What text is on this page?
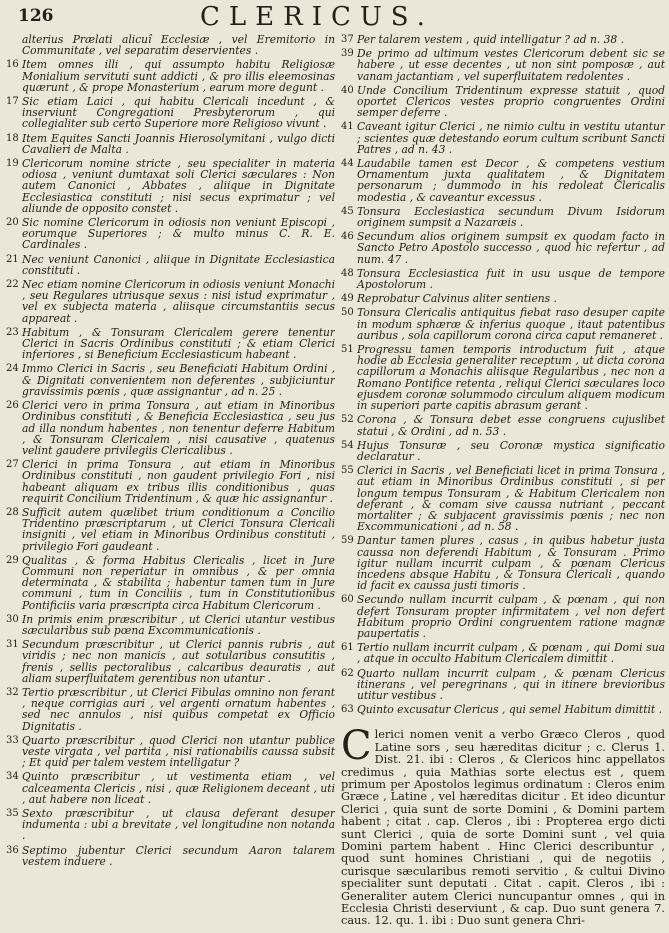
126	CLERICUS.
alterius Prælati alicuî Ecclesiæ , vel Eremitorio in Communitate , vel separatim deservientes .
16 Item omnes illi , qui assumpto habitu Religiosæ Monialium servituti sunt addicti , & pro illis eleemosinas quærunt , & prope Monasterium , earum more degunt .
17 Sic etiam Laici , qui habitu Clericali incedunt , & inserviunt Congregationi Presbyterorum , qui collegialiter sub certo Superiore more Religioso vivunt .
18 Item Equites Sancti Joannis Hierosolymitani , vulgo dicti Cavalieri de Malta .
19 Clericorum nomine stricte , seu specialiter in materia odiosa , veniunt dumtaxat soli Clerici sæculares : Non autem Canonici , Abbates , aliique in Dignitate Ecclesiastica constituti ; nisi secus exprimatur ; vel aliunde de opposito constet .
20 Sic nomine Clericorum in odiosis non veniunt Episcopi , eorumque Superiores ; & multo minus C. R. E. Cardinales .
21 Nec veniunt Canonici , aliique in Dignitate Ecclesiastica constituti .
22 Nec etiam nomine Clericorum in odiosis veniunt Monachi , seu Regulares utriusque sexus : nisi istud exprimatur , vel ex subjecta materia , aliisque circumstantiis secus appareat .
23 Habitum , & Tonsuram Clericalem gerere tenentur Clerici in Sacris Ordinibus constituti ; & etiam Clerici inferiores , si Beneficium Ecclesiasticum habeant .
24 Immo Clerici in Sacris , seu Beneficiati Habitum Ordini , & Dignitati convenientem non deferentes , subjiciuntur gravissimis pœnis , quæ assignantur , ad n. 25 .
26 Clerici vero in prima Tonsura , aut etiam in Minoribus Ordinibus constituti , & Beneficia Ecclesiastica , seu jus ad illa nondum habentes , non tenentur deferre Habitum , & Tonsuram Clericalem , nisi causative , quatenus velint gaudere privilegiis Clericalibus .
27 Clerici in prima Tonsura , aut etiam in Minoribus Ordinibus constituti , non gaudent privilegio Fori , nisi habeant aliquam ex tribus illis conditionibus , quas requirit Concilium Tridentinum , & quæ hic assignantur .
28 Sufficit autem quælibet trium conditionum a Concilio Tridentino præscriptarum , ut Clerici Tonsura Clericali insigniti , vel etiam in Minoribus Ordinibus constituti , privilegio Fori gaudeant .
29 Qualitas , & forma Habitus Clericalis , licet in Jure Communi non reperiatur in omnibus , & per omnia determinata , & stabilita ; habentur tamen tum in Jure communi , tum in Conciliis , tum in Constitutionibus Pontificiis varia præscripta circa Habitum Clericorum .
30 In primis enim præscribitur , ut Clerici utantur vestibus sæcularibus sub pœna Excommunicationis .
31 Secundum præscribitur , ut Clerici pannis rubris , aut viridis ; nec non manicis , aut sotularibus consutitis , frenis , sellis pectoralibus , calcaribus deauratis , aut aliam superfluitatem gerentibus non utantur .
32 Tertio præscribitur , ut Clerici Fibulas omnino non ferant , neque corrigias auri , vel argenti ornatum habentes , sed nec annulos , nisi quibus competat ex Officio Dignitatis .
33 Quarto præscribitur , quod Clerici non utantur publice veste virgata , vel partita , nisi rationabilis caussa subsit ; Et quid per talem vestem intelligatur ?
34 Quinto præscribitur , ut vestimenta etiam , vel calceamenta Clericis , nisi , quæ Religionem deceant , uti , aut habere non liceat .
35 Sexto præscribitur , ut clausa deferant desuper indumenta : ubi a brevitate , vel longitudine non notanda .
36 Septimo jubentur Clerici secundum Aaron talarem vestem induere .
37 Per talarem vestem , quid intelligatur ? ad n. 38 .
39 De primo ad ultimum vestes Clericorum debent sic se habere , ut esse decentes , ut non sint pomposæ , aut vanam jactantiam , vel superfluitatem redolentes .
40 Unde Concilium Tridentinum expresse statuit , quod oportet Clericos vestes proprio congruentes Ordini semper deferre .
41 Caveant igitur Clerici , ne nimio cultu in vestitu utantur ; scientes quæ detestando eorum cultum scribunt Sancti Patres , ad n. 43 .
44 Laudabile tamen est Decor , & competens vestium Ornamentum juxta qualitatem , & Dignitatem personarum ; dummodo in his redoleat Clericalis modestia , & caveantur excessus .
45 Tonsura Ecclesiastica secundum Divum Isidorum originem sumpsit a Nazaræis .
46 Secundum alios originem sumpsit ex quodam facto in Sancto Petro Apostolo successo , quod hic refertur , ad num. 47 .
48 Tonsura Ecclesiastica fuit in usu usque de tempore Apostolorum .
49 Reprobatur Calvinus aliter sentiens .
50 Tonsura Clericalis antiquitus fiebat raso desuper capite in modum sphæræ & inferius quoque , itaut patentibus auribus , sola capillorum corona circa caput remaneret .
51 Progressu tamen temporis introductum fuit , atque hodie ab Ecclesia generaliter receptum , ut dicta corona capillorum a Monachis aliisque Regularibus , nec non a Romano Pontifice retenta , reliqui Clerici sæculares loco ejusdem coronæ solummodo circulum aliquem modicum in superiori parte capitis abrasum gerant .
52 Corona , & Tonsura debet esse congruens cujuslibet statui , & Ordini , ad n. 53 .
54 Hujus Tonsuræ , seu Coronæ mystica significatio declaratur .
55 Clerici in Sacris , vel Beneficiati licet in prima Tonsura , aut etiam in Minoribus Ordinibus constituti , si per longum tempus Tonsuram , & Habitum Clericalem non deferant , & comam sive caussa nutriant , peccant mortaliter ; & subjacent gravissimis pœnis ; nec non Excommunicationi , ad n. 58 .
59 Dantur tamen plures , casus , in quibus habetur justa caussa non deferendi Habitum , & Tonsuram . Primo igitur nullam incurrit culpam , & pœnam Clericus incedens absque Habitu , & Tonsura Clericali , quando id facit ex caussa justi timoris .
60 Secundo nullam incurrit culpam , & pœnam , qui non defert Tonsuram propter infirmitatem , vel non defert Habitum proprio Ordini congruentem ratione magnæ paupertatis .
61 Tertio nullam incurrit culpam , & pœnam , qui Domi sua , atque in occulto Habitum Clericalem dimittit .
62 Quarto nullam incurrit culpam , & pœnam Clericus itinerans , vel peregrinans , qui in itinere brevioribus utitur vestibus .
63 Quinto excusatur Clericus , qui semel Habitum dimittit .
C lerici nomen venit a verbo Græco Cleros , quod Latine sors , seu hæreditas dicitur ; c. Clerus 1. Dist. 21. ibi : Cleros , & Clericos hinc appellatos credimus , quia Mathias sorte electus est , quem primum per Apostolos legimus ordinatum : Cleros enim Græce , Latine , vel hæreditas dicitur . Et ideo dicuntur Clerici , quia sunt de sorte Domini , & Domini partem habent ; citat . cap. Cleros , ibi : Propterea ergo dicti sunt Clerici , quia de sorte Domini sunt , vel quia Domini partem habent . Hinc Clerici describuntur , quod sunt homines Christiani , qui de negotiis , curisque sæcularibus remoti servitio , & cultui Divino specialiter sunt deputati . Citat . capit. Cleros , ibi : Generaliter autem Clerici nuncupantur omnes , qui in Ecclesia Christi deserviunt , & cap. Duo sunt genera 7. caus. 12. qu. 1. ibi : Duo sunt genera Chri-
